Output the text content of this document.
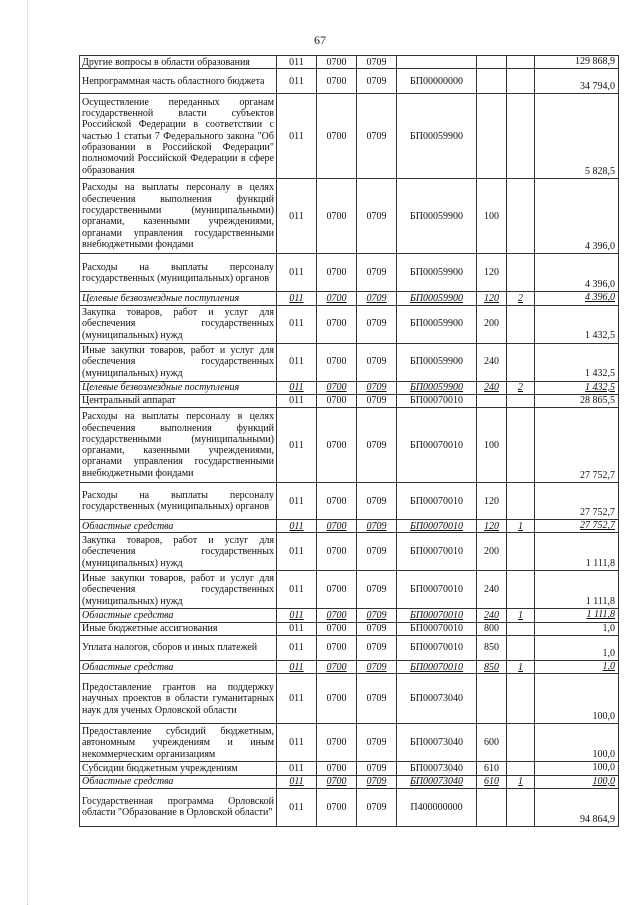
67
Другие вопросы в области образования	011	0700	0709				129 868,9
Непрограммная часть областного бюджета	011	0700	0709	БП00000000			34 794,0
Осуществление переданных органам государственной власти субъектов Российской Федерации в соответствии с частью 1 статьи 7 Федерального закона "Об образовании в Российской Федерации" полномочий Российской Федерации в сфере образования	011	0700	0709	БП00059900			5 828,5
Расходы на выплаты персоналу в целях обеспечения выполнения функций государственными (муниципальными) органами, казенными учреждениями, органами управления государственными внебюджетными фондами	011	0700	0709	БП00059900	100		4 396,0
Расходы на выплаты персоналу государственных (муниципальных) органов	011	0700	0709	БП00059900	120		4 396,0
Целевые безвозмездные поступления	011	0700	0709	БП00059900	120	2	4 396,0
Закупка товаров, работ и услуг для обеспечения государственных (муниципальных) нужд	011	0700	0709	БП00059900	200		1 432,5
Иные закупки товаров, работ и услуг для обеспечения государственных (муниципальных) нужд	011	0700	0709	БП00059900	240		1 432,5
Целевые безвозмездные поступления	011	0700	0709	БП00059900	240	2	1 432,5
Центральный аппарат	011	0700	0709	БП00070010			28 865,5
Расходы на выплаты персоналу в целях обеспечения выполнения функций государственными (муниципальными) органами, казенными учреждениями, органами управления государственными внебюджетными фондами	011	0700	0709	БП00070010	100		27 752,7
Расходы на выплаты персоналу государственных (муниципальных) органов	011	0700	0709	БП00070010	120		27 752,7
Областные средства	011	0700	0709	БП00070010	120	1	27 752,7
Закупка товаров, работ и услуг для обеспечения государственных (муниципальных) нужд	011	0700	0709	БП00070010	200		1 111,8
Иные закупки товаров, работ и услуг для обеспечения государственных (муниципальных) нужд	011	0700	0709	БП00070010	240		1 111,8
Областные средства	011	0700	0709	БП00070010	240	1	1 111,8
Иные бюджетные ассигнования	011	0700	0709	БП00070010	800		1,0
Уплата налогов, сборов и иных платежей	011	0700	0709	БП00070010	850		1,0
Областные средства	011	0700	0709	БП00070010	850	1	1,0
Предоставление грантов на поддержку научных проектов в области гуманитарных наук для ученых Орловской области	011	0700	0709	БП00073040			100,0
Предоставление субсидий бюджетным, автономным учреждениям и иным некоммерческим организациям	011	0700	0709	БП00073040	600		100,0
Субсидии бюджетным учреждениям	011	0700	0709	БП00073040	610		100,0
Областные средства	011	0700	0709	БП00073040	610	1	100,0
Государственная программа Орловской области "Образование в Орловской области"	011	0700	0709	П400000000			94 864,9
